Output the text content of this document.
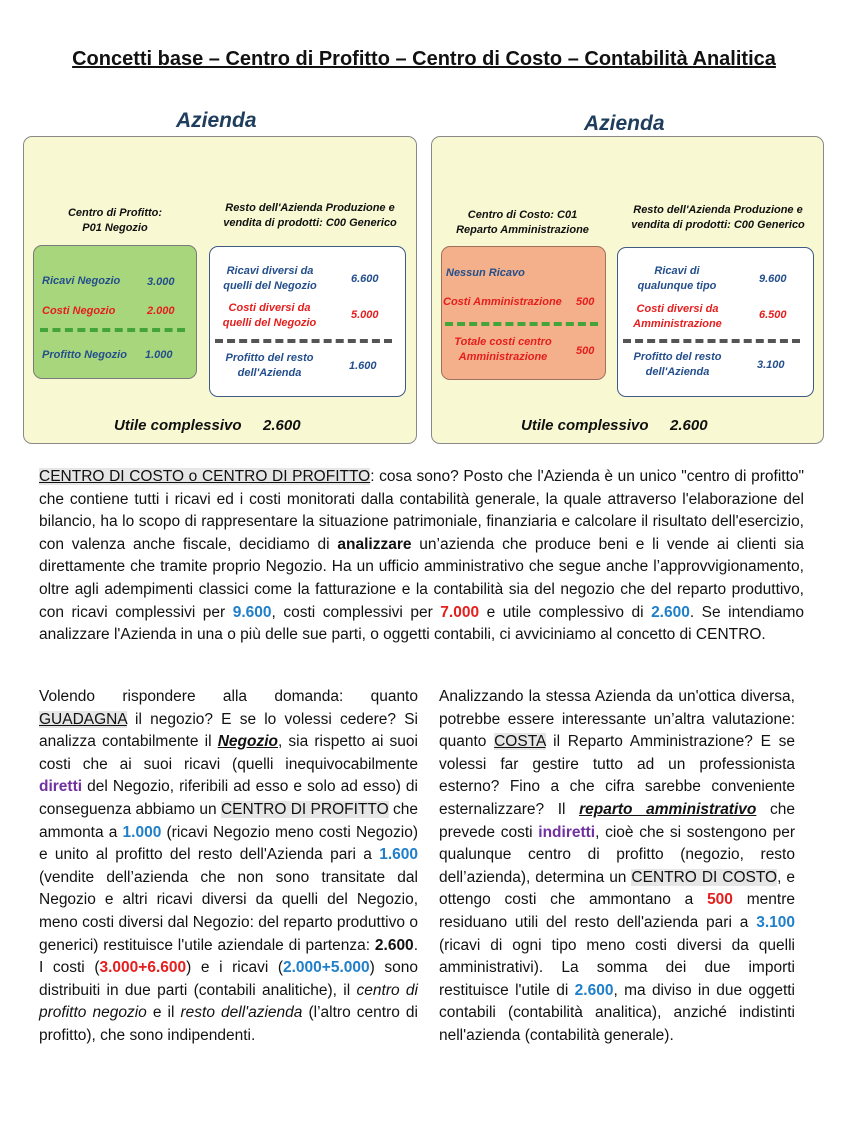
Concetti base – Centro di Profitto – Centro di Costo – Contabilità Analitica
Azienda
Centro di Profitto:
P01 Negozio
Resto dell'Azienda Produzione e
vendita di prodotti: C00 Generico
Ricavi Negozio 3.000
Costi Negozio	2.000
Profitto Negozio 1.000
Ricavi diversi da
quelli del Negozio
6.600
Costi diversi da
quelli del Negozio
5.000
Profitto del resto
dell'Azienda
1.600
Utile complessivo 2.600
Azienda
Centro di Costo: C01
Reparto Amministrazione
Resto dell'Azienda Produzione e
vendita di prodotti: C00 Generico
Nessun Ricavo
Costi Amministrazione 500
Totale costi centro
Amministrazione	500
Ricavi di
qualunque tipo
9.600
Costi diversi da
Amministrazione
6.500
Profitto del resto
dell'Azienda
3.100
Utile complessivo 2.600
CENTRO DI COSTO o CENTRO DI PROFITTO: cosa sono? Posto che l'Azienda è un unico "centro di profitto" che contiene tutti i ricavi ed i costi monitorati dalla contabilità generale, la quale attraverso l'elaborazione del bilancio, ha lo scopo di rappresentare la situazione patrimoniale, finanziaria e calcolare il risultato dell'esercizio, con valenza anche fiscale, decidiamo di analizzare un’azienda che produce beni e li vende ai clienti sia direttamente che tramite proprio Negozio. Ha un ufficio amministrativo che segue anche l’approvvigionamento, oltre agli adempimenti classici come la fatturazione e la contabilità sia del negozio che del reparto produttivo, con ricavi complessivi per 9.600, costi complessivi per 7.000 e utile complessivo di 2.600. Se intendiamo analizzare l'Azienda in una o più delle sue parti, o oggetti contabili, ci avviciniamo al concetto di CENTRO.
Volendo rispondere alla domanda: quanto GUADAGNA il negozio? E se lo volessi cedere? Si analizza contabilmente il Negozio, sia rispetto ai suoi costi che ai suoi ricavi (quelli inequivocabilmente diretti del Negozio, riferibili ad esso e solo ad esso) di conseguenza abbiamo un CENTRO DI PROFITTO che ammonta a 1.000 (ricavi Negozio meno costi Negozio) e unito al profitto del resto dell'Azienda pari a 1.600 (vendite dell’azienda che non sono transitate dal Negozio e altri ricavi diversi da quelli del Negozio, meno costi diversi dal Negozio: del reparto produttivo o generici) restituisce l'utile aziendale di partenza: 2.600. I costi (3.000+6.600) e i ricavi (2.000+5.000) sono distribuiti in due parti (contabili analitiche), il centro di profitto negozio e il resto dell'azienda (l’altro centro di profitto), che sono indipendenti.
Analizzando la stessa Azienda da un'ottica diversa, potrebbe essere interessante un’altra valutazione: quanto COSTA il Reparto Amministrazione? E se volessi far gestire tutto ad un professionista esterno? Fino a che cifra sarebbe conveniente esternalizzare? Il reparto amministrativo che prevede costi indiretti, cioè che si sostengono per qualunque centro di profitto (negozio, resto dell’azienda), determina un CENTRO DI COSTO, e ottengo costi che ammontano a 500 mentre residuano utili del resto dell'azienda pari a 3.100 (ricavi di ogni tipo meno costi diversi da quelli amministrativi). La somma dei due importi restituisce l'utile di 2.600, ma diviso in due oggetti contabili (contabilità analitica), anziché indistinti nell'azienda (contabilità generale).
